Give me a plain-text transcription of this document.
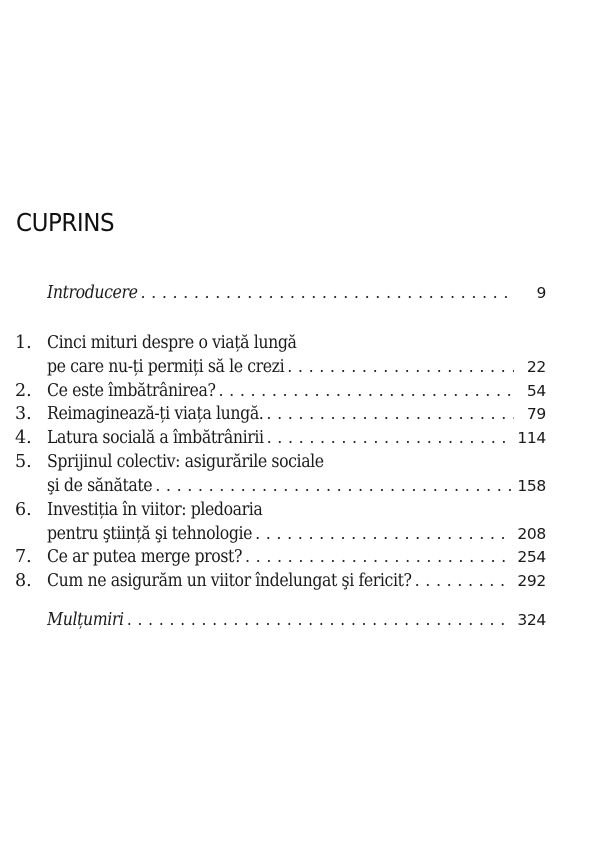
CUPRINS
Introducere . . .	9
1. Cinci mituri despre o viață lungă
pe care nu-ți permiți să le crezi . . .	22
2. Ce este îmbătrânirea? . . .	54
3. Reimaginează-ți viața lungă. . . .	79
4. Latura socială a îmbătrânirii . . .	114
5. Sprijinul colectiv: asigurările sociale
şi de sănătate . . .	158
6. Investiția în viitor: pledoaria
pentru ştiință şi tehnologie . . .	208
7. Ce ar putea merge prost? . . .	254
8. Cum ne asigurăm un viitor îndelungat şi fericit? . . .	292
Mulțumiri . . .	324
